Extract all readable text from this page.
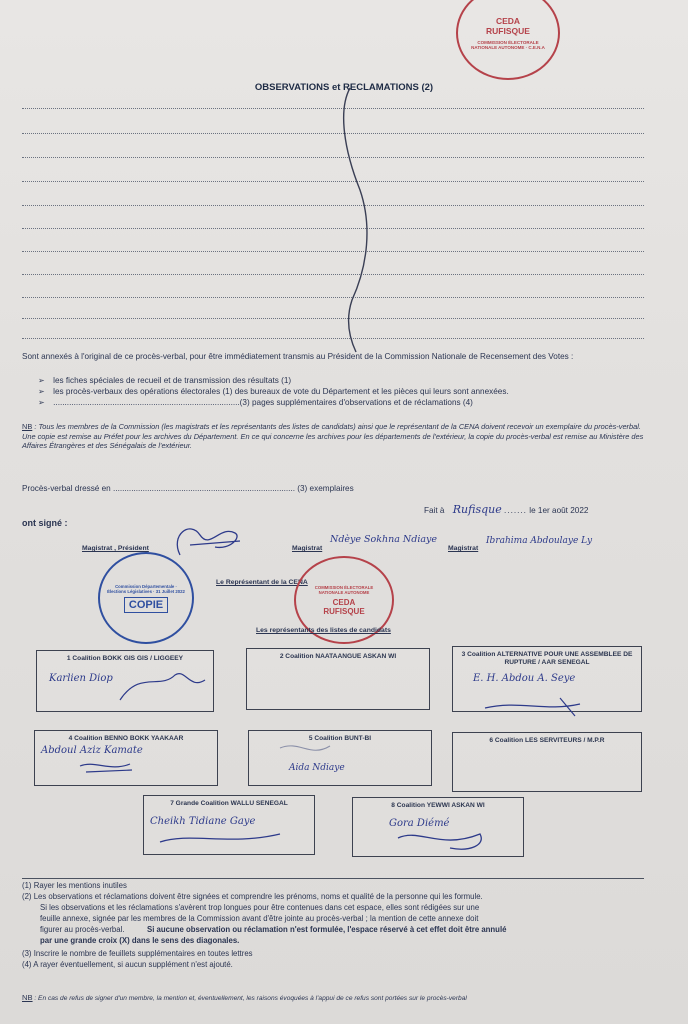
CEDA
RUFISQUE
COMMISSION ÉLECTORALE NATIONALE AUTONOME · C.E.N.A
OBSERVATIONS et RECLAMATIONS (2)
Sont annexés à l'original de ce procès-verbal, pour être immédiatement transmis au Président de la Commission Nationale de Recensement des Votes :
➢ les fiches spéciales de recueil et de transmission des résultats (1)
➢ les procès-verbaux des opérations électorales (1) des bureaux de vote du Département et les pièces qui leurs sont annexées.
➢ ..................................................................................(3) pages supplémentaires d'observations et de réclamations (4)
NB : Tous les membres de la Commission (les magistrats et les représentants des listes de candidats) ainsi que le représentant de la CENA doivent recevoir un exemplaire du procès-verbal.
Une copie est remise au Préfet pour les archives du Département. En ce qui concerne les archives pour les départements de l'extérieur, la copie du procès-verbal est remise au Ministère des Affaires Étrangères et des Sénégalais de l'extérieur.
Procès-verbal dressé en ................................................................................ (3) exemplaires
Fait à Rufisque ....... le 1er août 2022
ont signé :
Magistrat , Président	Magistrat
Ndèye Sokhna Ndiaye
Magistrat
Ibrahima Abdoulaye Ly
Le Représentant de la CENA
Commission Départementale · Élections Législatives · 31 Juillet 2022
COPIE
COMMISSION ÉLECTORALE NATIONALE AUTONOME
CEDA
RUFISQUE
Les représentants des listes de candidats
1 Coalition BOKK GIS GIS / LIGGEEY
Karlien Diop
2 Coalition NAATAANGUE ASKAN WI	3 Coalition ALTERNATIVE POUR UNE ASSEMBLEE DE RUPTURE / AAR SENEGAL
E. H. Abdou A. Seye
4 Coalition BENNO BOKK YAAKAAR
Abdoul Aziz Kamate
5 Coalition BUNT-BI
Aida Ndiaye
6 Coalition LES SERVITEURS / M.P.R
7 Grande Coalition WALLU SENEGAL
Cheikh Tidiane Gaye
8 Coalition YEWWI ASKAN WI
Gora Diémé
(1) Rayer les mentions inutiles
(2) Les observations et réclamations doivent être signées et comprendre les prénoms, noms et qualité de la personne qui les formule.
Si les observations et les réclamations s'avèrent trop longues pour être contenues dans cet espace, elles sont rédigées sur une
feuille annexe, signée par les membres de la Commission avant d'être jointe au procès-verbal ; la mention de cette annexe doit
figurer au procès-verbal.	Si aucune observation ou réclamation n'est formulée, l'espace réservé à cet effet doit être annulé
par une grande croix (X) dans le sens des diagonales.
(3) Inscrire le nombre de feuillets supplémentaires en toutes lettres
(4) A rayer éventuellement, si aucun supplément n'est ajouté.
NB : En cas de refus de signer d'un membre, la mention et, éventuellement, les raisons évoquées à l'appui de ce refus sont portées sur le procès-verbal
